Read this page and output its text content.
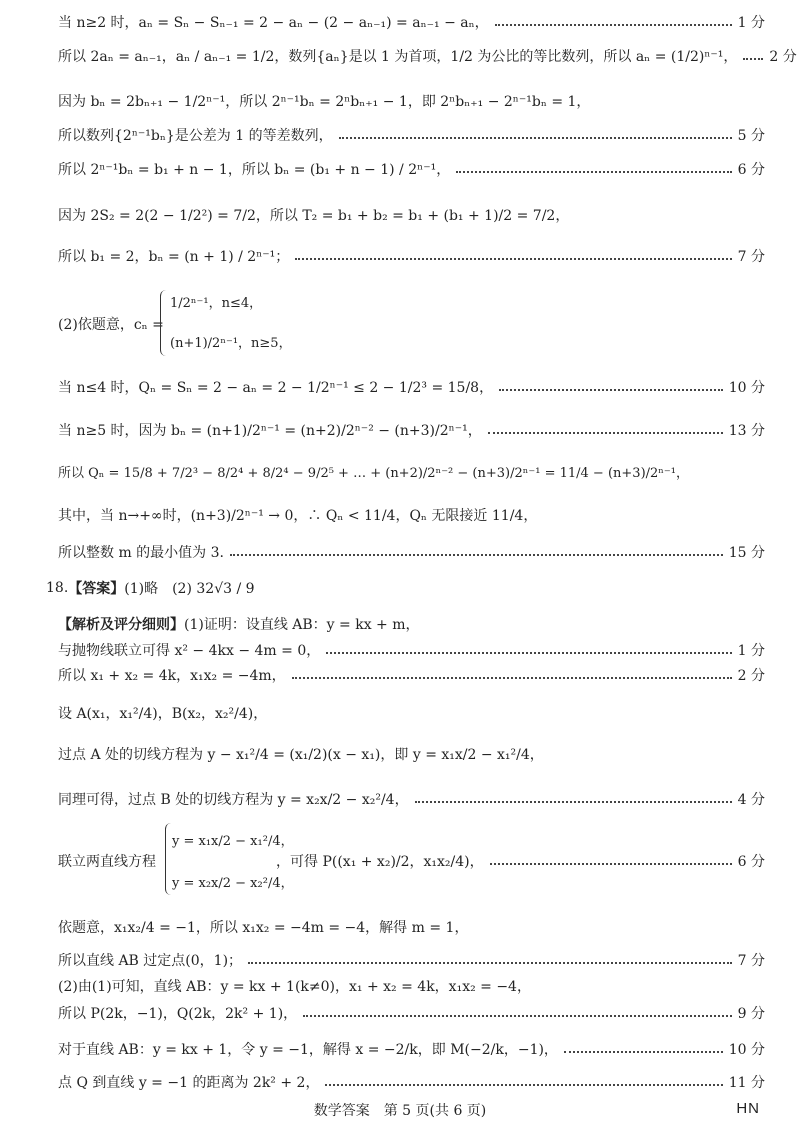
当 n≥2 时，aₙ = Sₙ − Sₙ₋₁ = 2 − aₙ − (2 − aₙ₋₁) = aₙ₋₁ − aₙ，	1 分
所以 2aₙ = aₙ₋₁，aₙ / aₙ₋₁ = 1/2，数列{aₙ}是以 1 为首项，1/2 为公比的等比数列，所以 aₙ = (1/2)ⁿ⁻¹， 2 分
因为 bₙ = 2bₙ₊₁ − 1/2ⁿ⁻¹，所以 2ⁿ⁻¹bₙ = 2ⁿbₙ₊₁ − 1，即 2ⁿbₙ₊₁ − 2ⁿ⁻¹bₙ = 1，
所以数列{2ⁿ⁻¹bₙ}是公差为 1 的等差数列，	5 分
所以 2ⁿ⁻¹bₙ = b₁ + n − 1，所以 bₙ = (b₁ + n − 1) / 2ⁿ⁻¹，	6 分
因为 2S₂ = 2(2 − 1/2²) = 7/2，所以 T₂ = b₁ + b₂ = b₁ + (b₁ + 1)/2 = 7/2，
所以 b₁ = 2，bₙ = (n + 1) / 2ⁿ⁻¹；	7 分
(2)依题意，cₙ =
1/2ⁿ⁻¹，n≤4，
(n+1)/2ⁿ⁻¹，n≥5，
当 n≤4 时，Qₙ = Sₙ = 2 − aₙ = 2 − 1/2ⁿ⁻¹ ≤ 2 − 1/2³ = 15/8，	10 分
当 n≥5 时，因为 bₙ = (n+1)/2ⁿ⁻¹ = (n+2)/2ⁿ⁻² − (n+3)/2ⁿ⁻¹，	13 分
所以 Qₙ = 15/8 + 7/2³ − 8/2⁴ + 8/2⁴ − 9/2⁵ + … + (n+2)/2ⁿ⁻² − (n+3)/2ⁿ⁻¹ = 11/4 − (n+3)/2ⁿ⁻¹，
其中，当 n→+∞时，(n+3)/2ⁿ⁻¹ → 0，∴ Qₙ < 11/4，Qₙ 无限接近 11/4，
所以整数 m 的最小值为 3.	15 分
18. 【答案】 (1)略　(2) 32√3 / 9
【解析及评分细则】 (1)证明：设直线 AB：y = kx + m，
与抛物线联立可得 x² − 4kx − 4m = 0，	1 分
所以 x₁ + x₂ = 4k，x₁x₂ = −4m，	2 分
设 A(x₁，x₁²/4)，B(x₂，x₂²/4)，
过点 A 处的切线方程为 y − x₁²/4 = (x₁/2)(x − x₁)，即 y = x₁x/2 − x₁²/4，
同理可得，过点 B 处的切线方程为 y = x₂x/2 − x₂²/4，	4 分
联立两直线方程	，可得 P((x₁ + x₂)/2，x₁x₂/4)，	6 分
y = x₁x/2 − x₁²/4，
y = x₂x/2 − x₂²/4，
依题意，x₁x₂/4 = −1，所以 x₁x₂ = −4m = −4，解得 m = 1，
所以直线 AB 过定点(0，1)；	7 分
(2)由(1)可知，直线 AB：y = kx + 1(k≠0)，x₁ + x₂ = 4k，x₁x₂ = −4，
所以 P(2k，−1)，Q(2k，2k² + 1)，	9 分
对于直线 AB：y = kx + 1，令 y = −1，解得 x = −2/k，即 M(−2/k，−1)，	10 分
点 Q 到直线 y = −1 的距离为 2k² + 2，	11 分
数学答案　第 5 页(共 6 页)	HN
